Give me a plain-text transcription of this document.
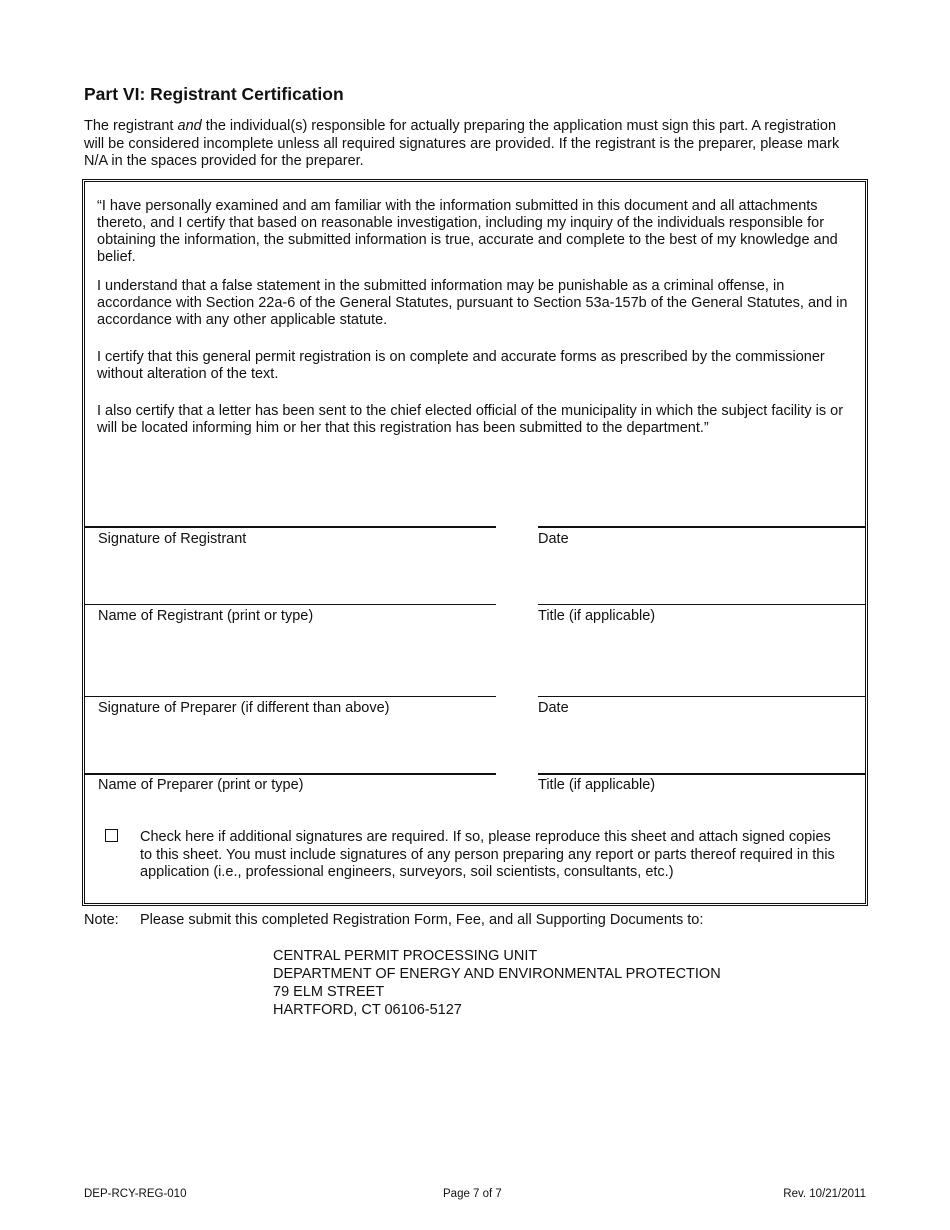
Part VI: Registrant Certification
The registrant and the individual(s) responsible for actually preparing the application must sign this part. A registration will be considered incomplete unless all required signatures are provided. If the registrant is the preparer, please mark N/A in the spaces provided for the preparer.
“I have personally examined and am familiar with the information submitted in this document and all attachments thereto, and I certify that based on reasonable investigation, including my inquiry of the individuals responsible for obtaining the information, the submitted information is true, accurate and complete to the best of my knowledge and belief.
I understand that a false statement in the submitted information may be punishable as a criminal offense, in accordance with Section 22a-6 of the General Statutes, pursuant to Section 53a-157b of the General Statutes, and in accordance with any other applicable statute.
I certify that this general permit registration is on complete and accurate forms as prescribed by the commissioner without alteration of the text.
I also certify that a letter has been sent to the chief elected official of the municipality in which the subject facility is or will be located informing him or her that this registration has been submitted to the department.”
Signature of Registrant	Date
Name of Registrant (print or type)	Title (if applicable)
Signature of Preparer (if different than above)	Date
Name of Preparer (print or type)	Title (if applicable)
Check here if additional signatures are required. If so, please reproduce this sheet and attach signed copies to this sheet. You must include signatures of any person preparing any report or parts thereof required in this application (i.e., professional engineers, surveyors, soil scientists, consultants, etc.)
Note: Please submit this completed Registration Form, Fee, and all Supporting Documents to:
CENTRAL PERMIT PROCESSING UNIT
DEPARTMENT OF ENERGY AND ENVIRONMENTAL PROTECTION
79 ELM STREET
HARTFORD, CT 06106-5127
DEP-RCY-REG-010	Page 7 of 7	Rev. 10/21/2011
